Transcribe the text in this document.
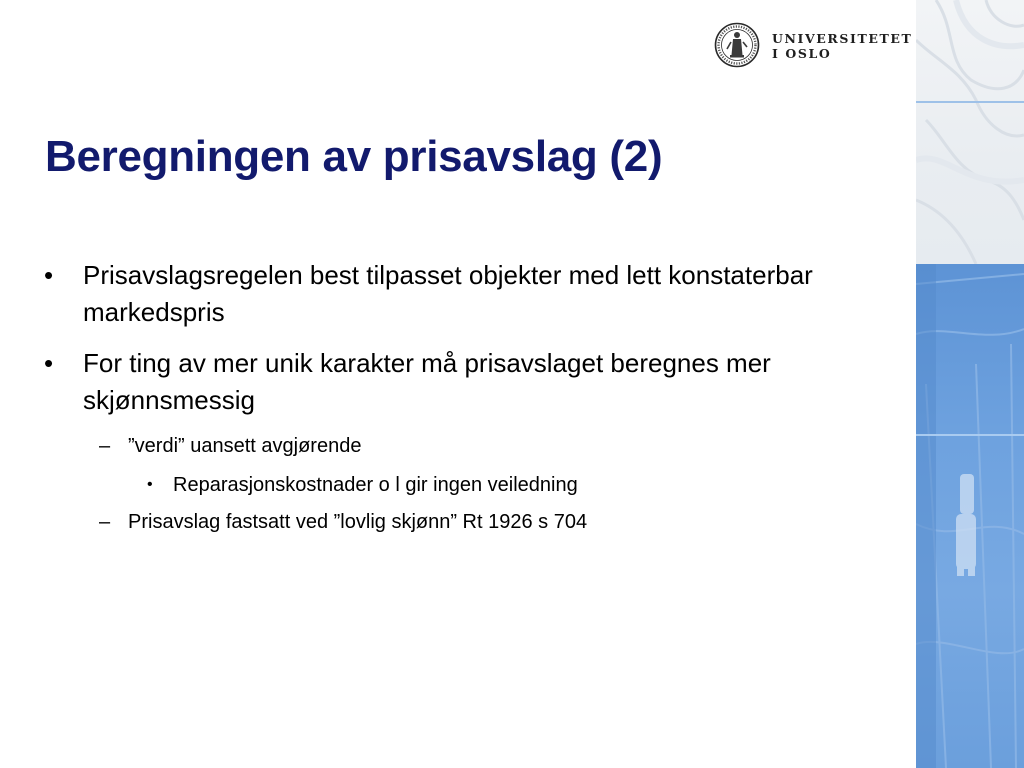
UNIVERSITETET
I OSLO
Beregningen av prisavslag (2)
• Prisavslagsregelen best tilpasset objekter med lett konstaterbar markedspris
• For ting av mer unik karakter må prisavslaget beregnes mer skjønnsmessig
– ”verdi” uansett avgjørende
• Reparasjonskostnader o l gir ingen veiledning
– Prisavslag fastsatt ved ”lovlig skjønn” Rt 1926 s 704
